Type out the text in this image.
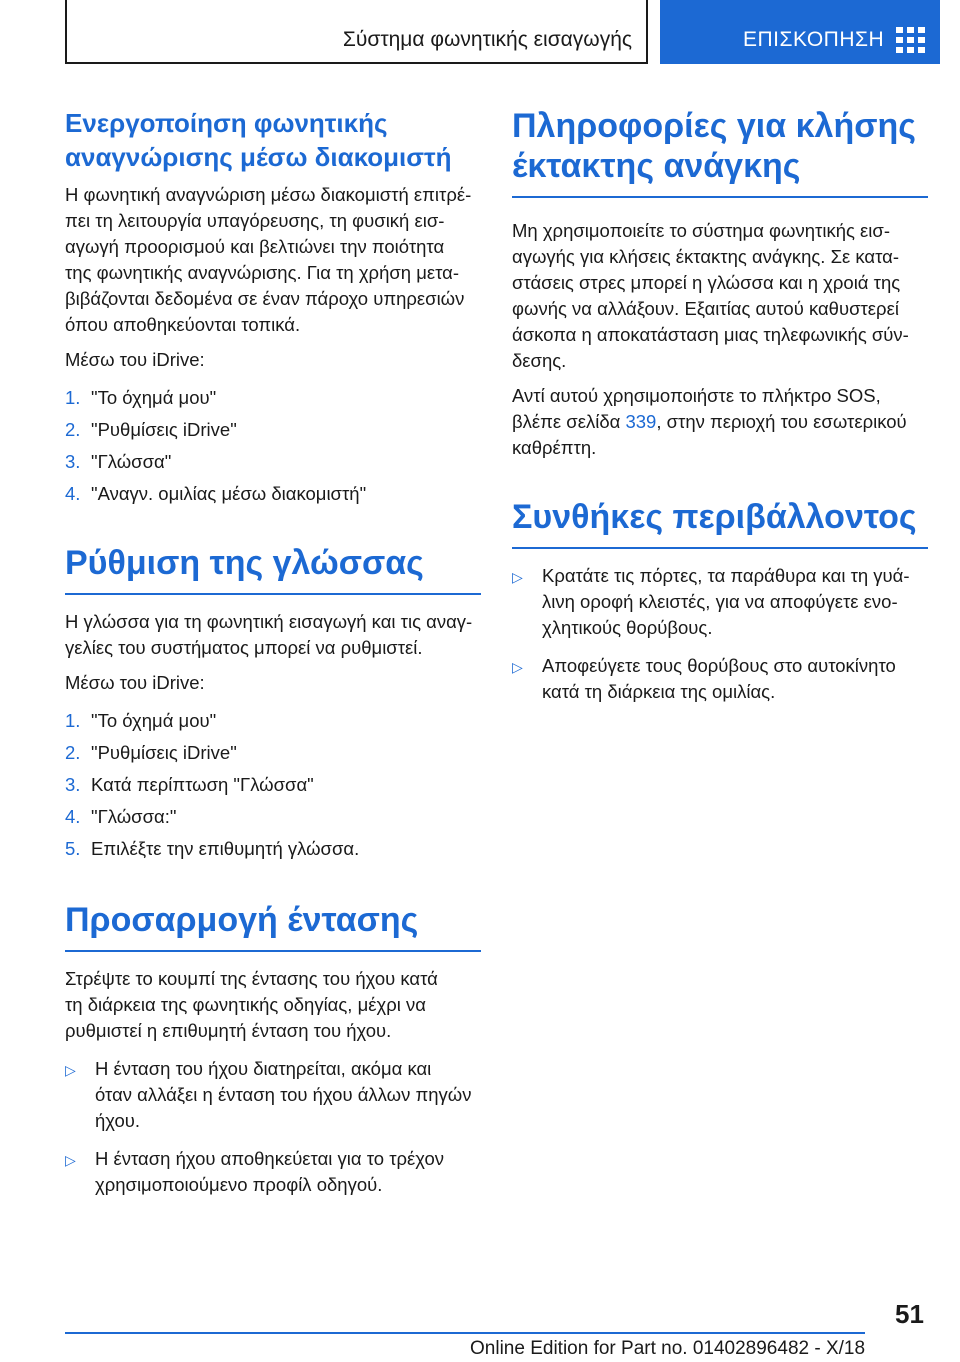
Σύστημα φωνητικής εισαγωγής	ΕΠΙΣΚΟΠΗΣΗ
Ενεργοποίηση φωνητικής
αναγνώρισης μέσω διακομιστή

Η φωνητική αναγνώριση μέσω διακομιστή επιτρέ‐
πει τη λειτουργία υπαγόρευσης, τη φυσική εισ‐
αγωγή προορισμού και βελτιώνει την ποιότητα
της φωνητικής αναγνώρισης. Για τη χρήση μετα‐
βιβάζονται δεδομένα σε έναν πάροχο υπηρεσιών
όπου αποθηκεύονται τοπικά.

Μέσω του iDrive:

1. "Το όχημά μου"
2. "Ρυθμίσεις iDrive"
3. "Γλώσσα"
4. "Αναγν. ομιλίας μέσω διακομιστή"
Ρύθμιση της γλώσσας

Η γλώσσα για τη φωνητική εισαγωγή και τις αναγ‐
γελίες του συστήματος μπορεί να ρυθμιστεί.

Μέσω του iDrive:

1. "Το όχημά μου"
2. "Ρυθμίσεις iDrive"
3. Κατά περίπτωση "Γλώσσα"
4. "Γλώσσα:"
5. Επιλέξτε την επιθυμητή γλώσσα.
Προσαρμογή έντασης

Στρέψτε το κουμπί της έντασης του ήχου κατά
τη διάρκεια της φωνητικής οδηγίας, μέχρι να
ρυθμιστεί η επιθυμητή ένταση του ήχου.

▷ Η ένταση του ήχου διατηρείται, ακόμα και
όταν αλλάξει η ένταση του ήχου άλλων πηγών
ήχου.
▷ Η ένταση ήχου αποθηκεύεται για το τρέχον
χρησιμοποιούμενο προφίλ οδηγού.
Πληροφορίες για κλήσης
έκτακτης ανάγκης

Μη χρησιμοποιείτε το σύστημα φωνητικής εισ‐
αγωγής για κλήσεις έκτακτης ανάγκης. Σε κατα‐
στάσεις στρες μπορεί η γλώσσα και η χροιά της
φωνής να αλλάξουν. Εξαιτίας αυτού καθυστερεί
άσκοπα η αποκατάσταση μιας τηλεφωνικής σύν‐
δεσης.

Αντί αυτού χρησιμοποιήστε το πλήκτρο SOS,
βλέπε σελίδα 339, στην περιοχή του εσωτερικού
καθρέπτη.

Συνθήκες περιβάλλοντος
▷ Κρατάτε τις πόρτες, τα παράθυρα και τη γυά‐
λινη οροφή κλειστές, για να αποφύγετε ενο‐
χλητικούς θορύβους.
▷ Αποφεύγετε τους θορύβους στο αυτοκίνητο
κατά τη διάρκεια της ομιλίας.
51
Online Edition for Part no. 01402896482 - X/18
